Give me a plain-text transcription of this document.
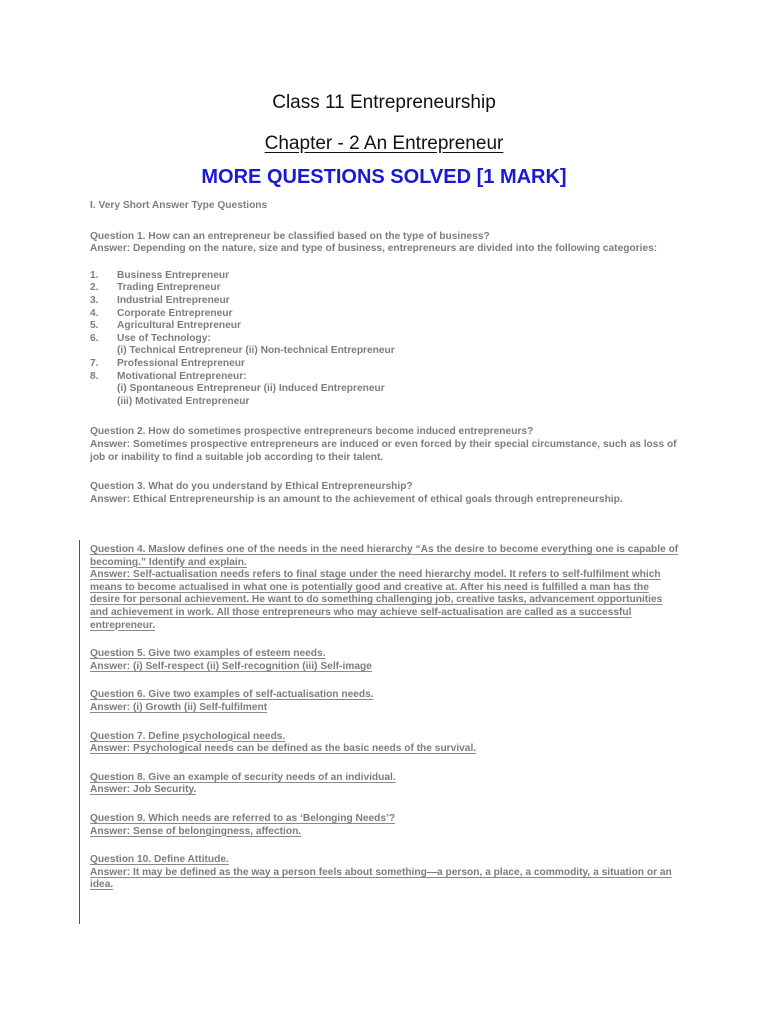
Class 11 Entrepreneurship
Chapter - 2 An Entrepreneur
MORE QUESTIONS SOLVED [1 MARK]

I. Very Short Answer Type Questions

Question 1. How can an entrepreneur be classified based on the type of business?

Answer: Depending on the nature, size and type of business, entrepreneurs are divided into the following categories:

1.	Business Entrepreneur
2.	Trading Entrepreneur
3.	Industrial Entrepreneur
4.	Corporate Entrepreneur
5.	Agricultural Entrepreneur
6.	Use of Technology:
(i) Technical Entrepreneur (ii) Non-technical Entrepreneur
7.	Professional Entrepreneur
8.	Motivational Entrepreneur:
(i) Spontaneous Entrepreneur (ii) Induced Entrepreneur
(iii) Motivated Entrepreneur

Question 2. How do sometimes prospective entrepreneurs become induced entrepreneurs?

Answer: Sometimes prospective entrepreneurs are induced or even forced by their special circumstance, such as loss of job or inability to find a suitable job according to their talent.

Question 3. What do you understand by Ethical Entrepreneurship?

Answer: Ethical Entrepreneurship is an amount to the achievement of ethical goals through entrepreneurship.

Question 4. Maslow defines one of the needs in the need hierarchy “As the desire to become everything one is capable of becoming.” Identify and explain.

Answer: Self-actualisation needs refers to final stage under the need hierarchy model. It refers to self-fulfilment which means to become actualised in what one is potentially good and creative at. After his need is fulfilled a man has the desire for personal achievement. He want to do something challenging job, creative tasks, advancement opportunities and achievement in work. All those entrepreneurs who may achieve self-actualisation are called as a successful entrepreneur.

Question 5. Give two examples of esteem needs.

Answer: (i) Self-respect (ii) Self-recognition (iii) Self-image

Question 6. Give two examples of self-actualisation needs.

Answer: (i) Growth (ii) Self-fulfilment

Question 7. Define psychological needs.

Answer: Psychological needs can be defined as the basic needs of the survival.

Question 8. Give an example of security needs of an individual.

Answer: Job Security.

Question 9. Which needs are referred to as ‘Belonging Needs’?

Answer: Sense of belongingness, affection.

Question 10. Define Attitude.

Answer: It may be defined as the way a person feels about something—a person, a place, a commodity, a situation or an idea.
